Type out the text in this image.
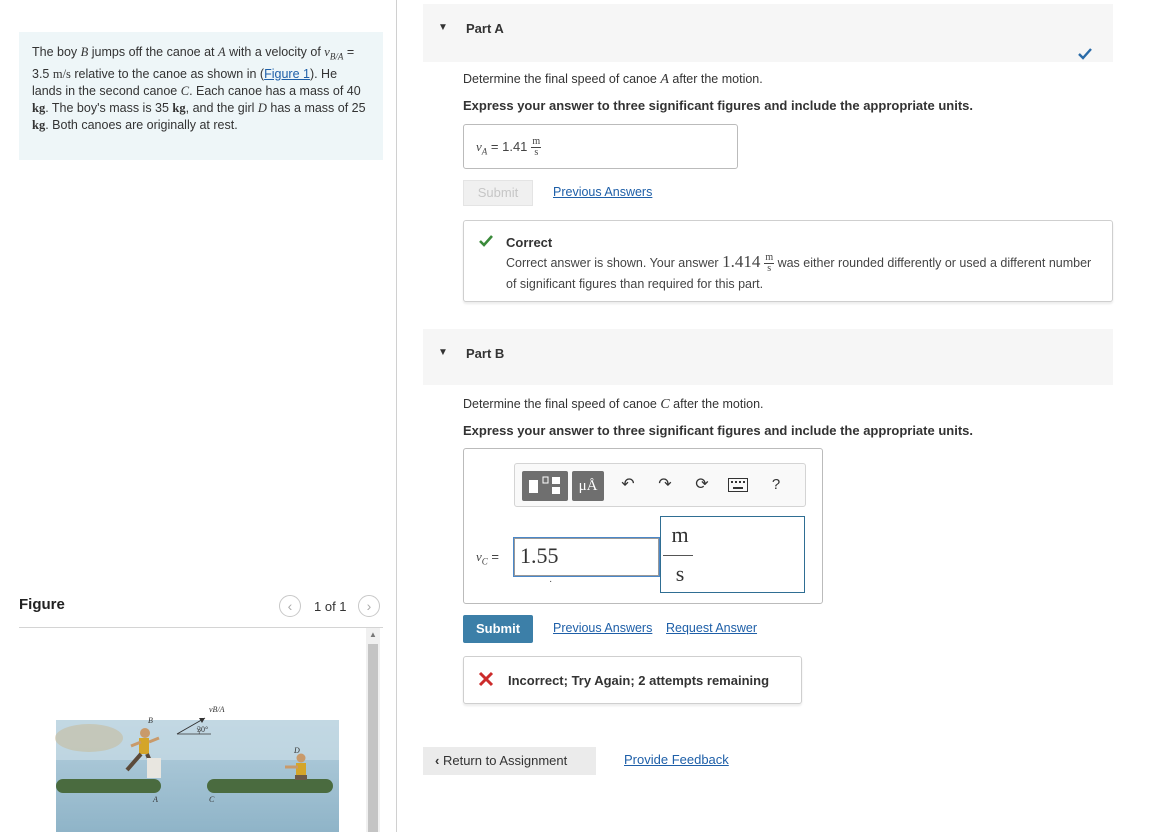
The boy B jumps off the canoe at A with a velocity of $v_{B/A} = 3.5$ m/s relative to the canoe as shown in (Figure 1). He lands in the second canoe C. Each canoe has a mass of 40 kg. The boy's mass is 35 kg, and the girl D has a mass of 25 kg. Both canoes are originally at rest.
Figure	‹	1 of 1	›
vB/A
30°
B
D
A	C
▲
▼ Part A
Determine the final speed of canoe A after the motion.
Express your answer to three significant figures and include the appropriate units.
$v_A = 1.41 \frac{m}{s}$
Submit	Previous Answers
Correct
Correct answer is shown. Your answer $1.414 \frac{m}{s}$ was either rounded differently or used a different number of significant figures than required for this part.
▼ Part B
Determine the final speed of canoe C after the motion.
Express your answer to three significant figures and include the appropriate units.
μÅ	↶ ↷ ⟳	?
$v_C = 1.55$
·
m
s
Submit	Previous Answers Request Answer
Incorrect; Try Again; 2 attempts remaining
‹ Return to Assignment	Provide Feedback
